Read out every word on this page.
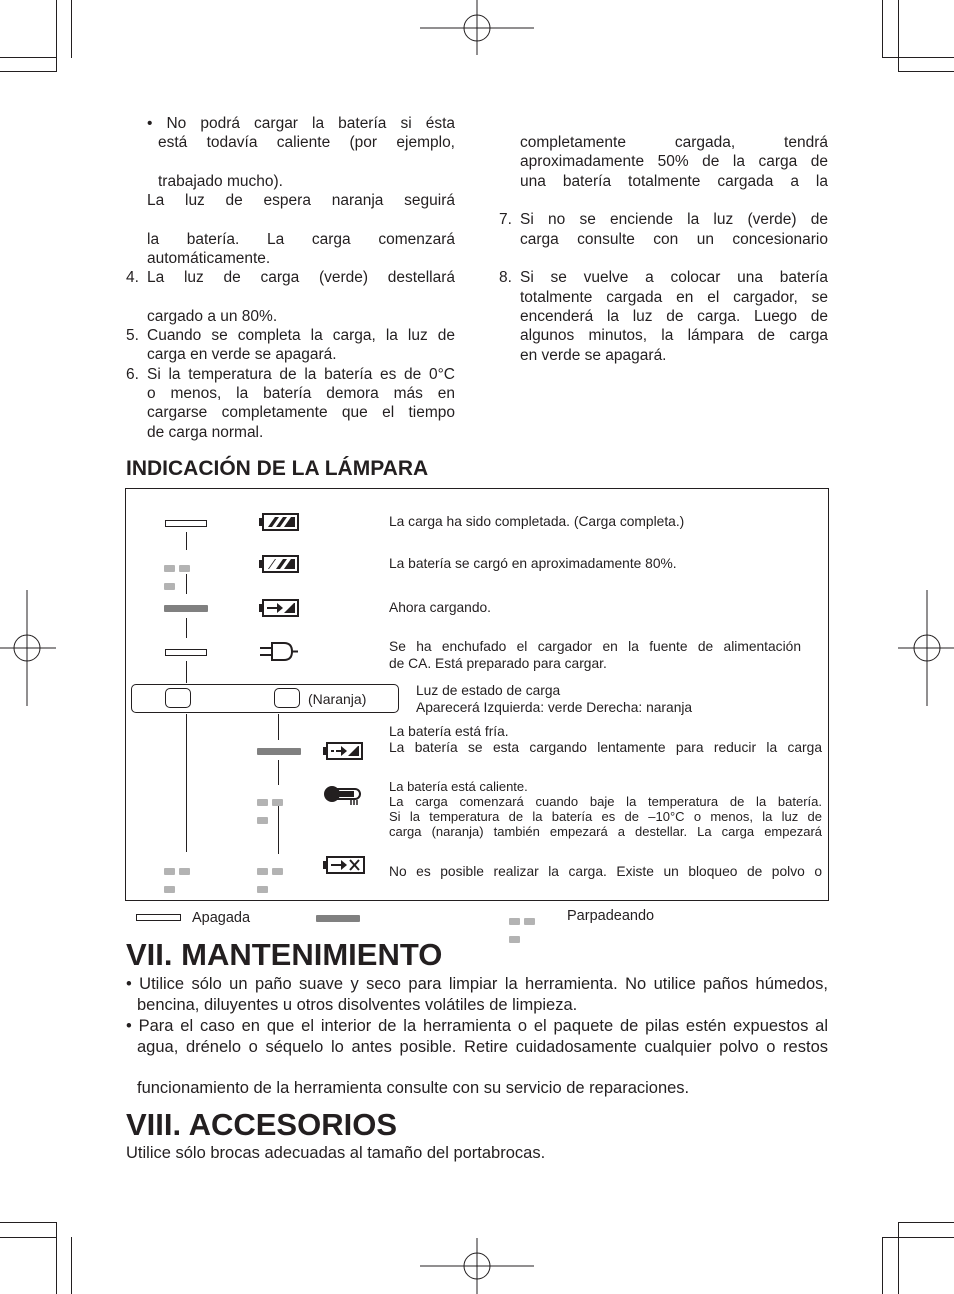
• No podrá cargar la batería si ésta
está todavía caliente (por ejemplo,
trabajado mucho).
La luz de espera naranja seguirá
la batería. La carga comenzará
automáticamente.
4. La luz de carga (verde) destellará
cargado a un 80%.
5. Cuando se completa la carga, la luz de
carga en verde se apagará.
6. Si la temperatura de la batería es de 0°C
o menos, la batería demora más en
cargarse completamente que el tiempo
de carga normal.
completamente cargada, tendrá
aproximadamente 50% de la carga de
una batería totalmente cargada a la
7. Si no se enciende la luz (verde) de
carga consulte con un concesionario
8. Si se vuelve a colocar una batería
totalmente cargada en el cargador, se
encenderá la luz de carga. Luego de
algunos minutos, la lámpara de carga
en verde se apagará.
INDICACIÓN DE LA LÁMPARA
(Naranja)
La carga ha sido completada. (Carga completa.)
La batería se cargó en aproximadamente 80%.
Ahora cargando.
Se ha enchufado el cargador en la fuente de alimentación
de CA. Está preparado para cargar.
Luz de estado de carga
Aparecerá Izquierda: verde Derecha: naranja
La batería está fría.
La batería se esta cargando lentamente para reducir la carga
La batería está caliente.
La carga comenzará cuando baje la temperatura de la batería.
Si la temperatura de la batería es de –10°C o menos, la luz de
carga (naranja) también empezará a destellar. La carga empezará
No es posible realizar la carga. Existe un bloqueo de polvo o
Apagada	Parpadeando
VII. MANTENIMIENTO
• Utilice sólo un paño suave y seco para limpiar la herramienta. No utilice paños húmedos,
bencina, diluyentes u otros disolventes volátiles de limpieza.
• Para el caso en que el interior de la herramienta o el paquete de pilas estén expuestos al
agua, drénelo o séquelo lo antes posible. Retire cuidadosamente cualquier polvo o restos
funcionamiento de la herramienta consulte con su servicio de reparaciones.
VIII. ACCESORIOS
Utilice sólo brocas adecuadas al tamaño del portabrocas.
